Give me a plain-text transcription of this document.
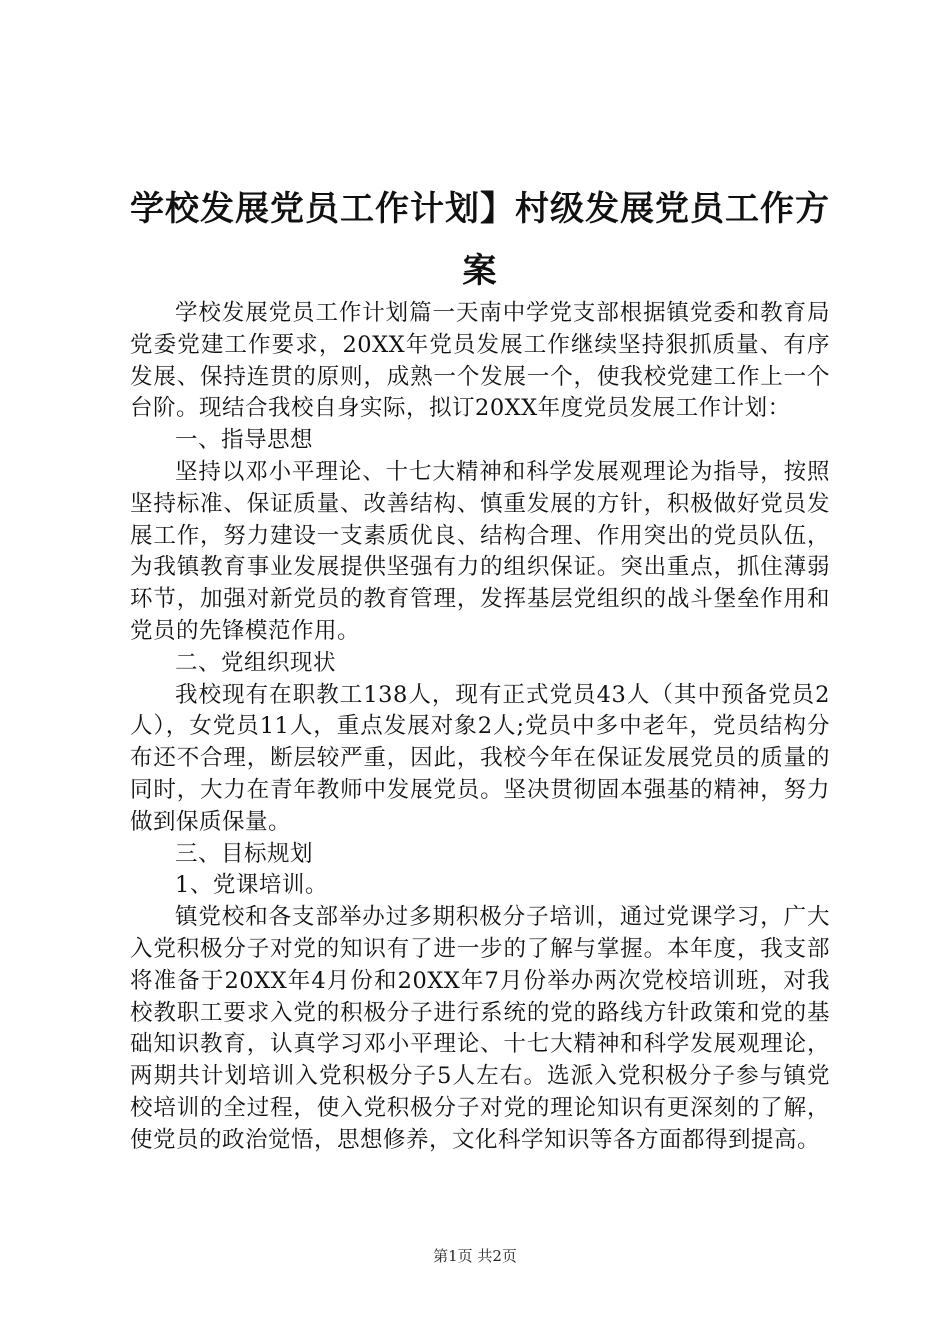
学校发展党员工作计划】村级发展党员工作方案

学校发展党员工作计划篇一天南中学党支部根据镇党委和教育局党委党建工作要求，20XX年党员发展工作继续坚持狠抓质量、有序发展、保持连贯的原则，成熟一个发展一个，使我校党建工作上一个台阶。现结合我校自身实际，拟订20XX年度党员发展工作计划：

一、指导思想

坚持以邓小平理论、十七大精神和科学发展观理论为指导，按照坚持标准、保证质量、改善结构、慎重发展的方针，积极做好党员发展工作，努力建设一支素质优良、结构合理、作用突出的党员队伍，为我镇教育事业发展提供坚强有力的组织保证。突出重点，抓住薄弱环节，加强对新党员的教育管理，发挥基层党组织的战斗堡垒作用和党员的先锋模范作用。

二、党组织现状

我校现有在职教工138人，现有正式党员43人（其中预备党员2人），女党员11人，重点发展对象2人;党员中多中老年，党员结构分布还不合理，断层较严重，因此，我校今年在保证发展党员的质量的同时，大力在青年教师中发展党员。坚决贯彻固本强基的精神，努力做到保质保量。

三、目标规划

1、党课培训。

镇党校和各支部举办过多期积极分子培训，通过党课学习，广大入党积极分子对党的知识有了进一步的了解与掌握。本年度，我支部将准备于20XX年4月份和20XX年7月份举办两次党校培训班，对我校教职工要求入党的积极分子进行系统的党的路线方针政策和党的基础知识教育，认真学习邓小平理论、十七大精神和科学发展观理论，两期共计划培训入党积极分子5人左右。选派入党积极分子参与镇党校培训的全过程，使入党积极分子对党的理论知识有更深刻的了解，使党员的政治觉悟，思想修养，文化科学知识等各方面都得到提高。

第1页 共2页
